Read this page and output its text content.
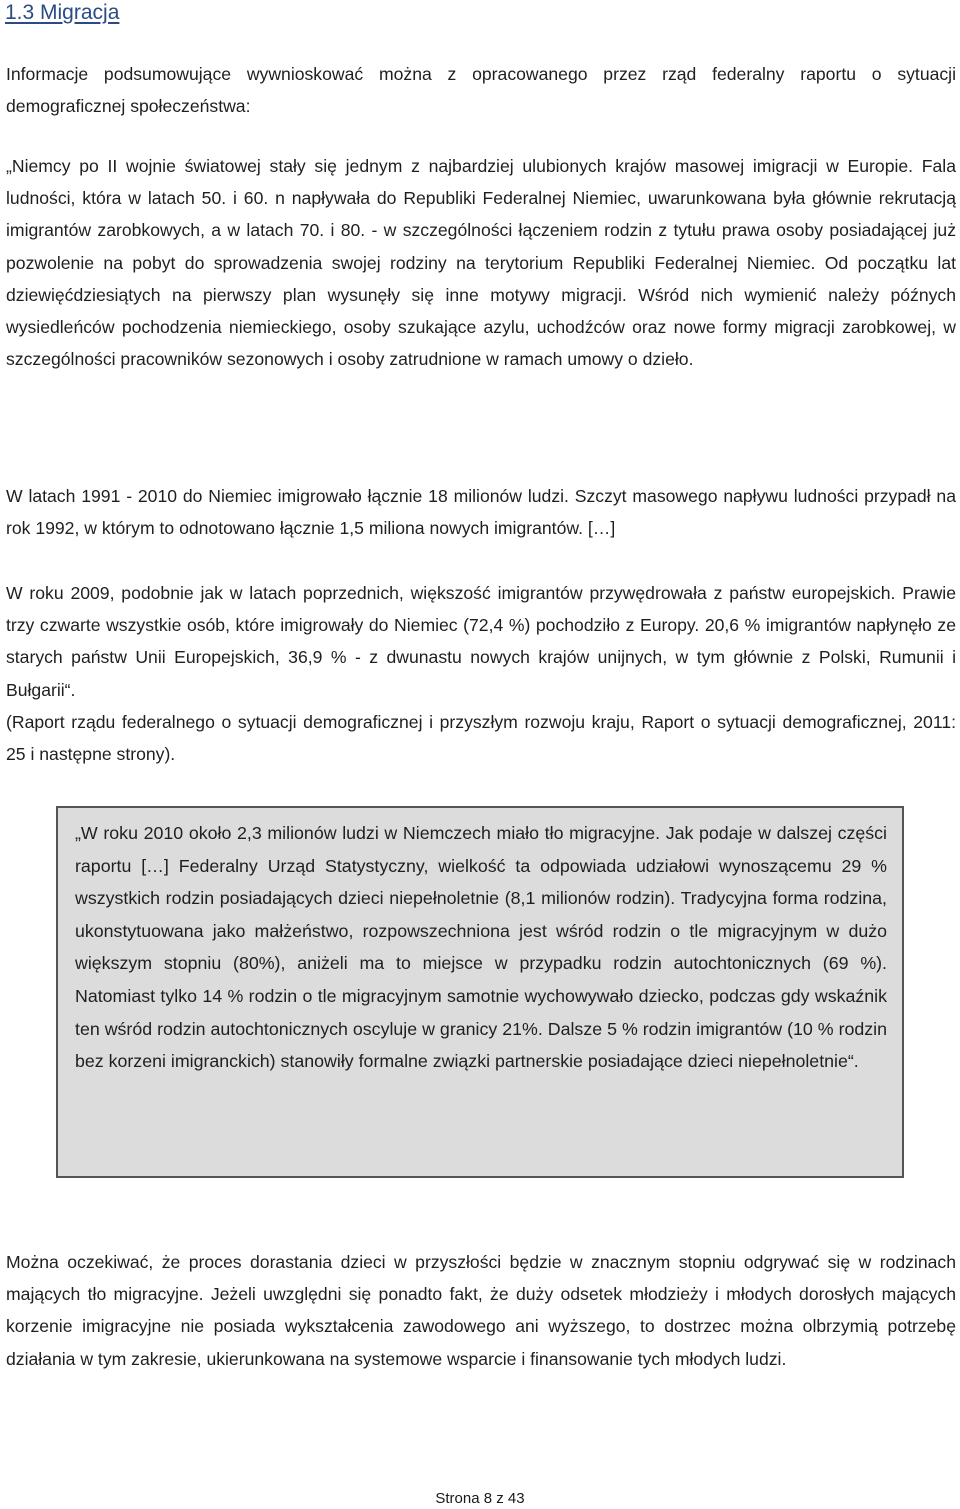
1.3 Migracja

Informacje podsumowujące wywnioskować można z opracowanego przez rząd federalny raportu o sytuacji demograficznej społeczeństwa:

„Niemcy po II wojnie światowej stały się jednym z najbardziej ulubionych krajów masowej imigracji w Europie. Fala ludności, która w latach 50. i 60. n napływała do Republiki Federalnej Niemiec, uwarunkowana była głównie rekrutacją imigrantów zarobkowych, a w latach 70. i 80. - w szczególności łączeniem rodzin z tytułu prawa osoby posiadającej już pozwolenie na pobyt do sprowadzenia swojej rodziny na terytorium Republiki Federalnej Niemiec. Od początku lat dziewięćdziesiątych na pierwszy plan wysunęły się inne motywy migracji. Wśród nich wymienić należy późnych wysiedleńców pochodzenia niemieckiego, osoby szukające azylu, uchodźców oraz nowe formy migracji zarobkowej, w szczególności pracowników sezonowych i osoby zatrudnione w ramach umowy o dzieło.

W latach 1991 - 2010 do Niemiec imigrowało łącznie 18 milionów ludzi. Szczyt masowego napływu ludności przypadł na rok 1992, w którym to odnotowano łącznie 1,5 miliona nowych imigrantów. […]

W roku 2009, podobnie jak w latach poprzednich, większość imigrantów przywędrowała z państw europejskich. Prawie trzy czwarte wszystkie osób, które imigrowały do Niemiec (72,4 %) pochodziło z Europy. 20,6 % imigrantów napłynęło ze starych państw Unii Europejskich, 36,9 % - z dwunastu nowych krajów unijnych, w tym głównie z Polski, Rumunii i Bułgarii“.

(Raport rządu federalnego o sytuacji demograficznej i przyszłym rozwoju kraju, Raport o sytuacji demograficznej, 2011: 25 i następne strony).

„W roku 2010 około 2,3 milionów ludzi w Niemczech miało tło migracyjne. Jak podaje w dalszej części raportu […] Federalny Urząd Statystyczny, wielkość ta odpowiada udziałowi wynoszącemu 29 % wszystkich rodzin posiadających dzieci niepełnoletnie (8,1 milionów rodzin). Tradycyjna forma rodzina, ukonstytuowana jako małżeństwo, rozpowszechniona jest wśród rodzin o tle migracyjnym w dużo większym stopniu (80%), aniżeli ma to miejsce w przypadku rodzin autochtonicznych (69 %). Natomiast tylko 14 % rodzin o tle migracyjnym samotnie wychowywało dziecko, podczas gdy wskaźnik ten wśród rodzin autochtonicznych oscyluje w granicy 21%. Dalsze 5 % rodzin imigrantów (10 % rodzin bez korzeni imigranckich) stanowiły formalne związki partnerskie posiadające dzieci niepełnoletnie“.

Można oczekiwać, że proces dorastania dzieci w przyszłości będzie w znacznym stopniu odgrywać się w rodzinach mających tło migracyjne. Jeżeli uwzględni się ponadto fakt, że duży odsetek młodzieży i młodych dorosłych mających korzenie imigracyjne nie posiada wykształcenia zawodowego ani wyższego, to dostrzec można olbrzymią potrzebę działania w tym zakresie, ukierunkowana na systemowe wsparcie i finansowanie tych młodych ludzi.

Strona 8 z 43
